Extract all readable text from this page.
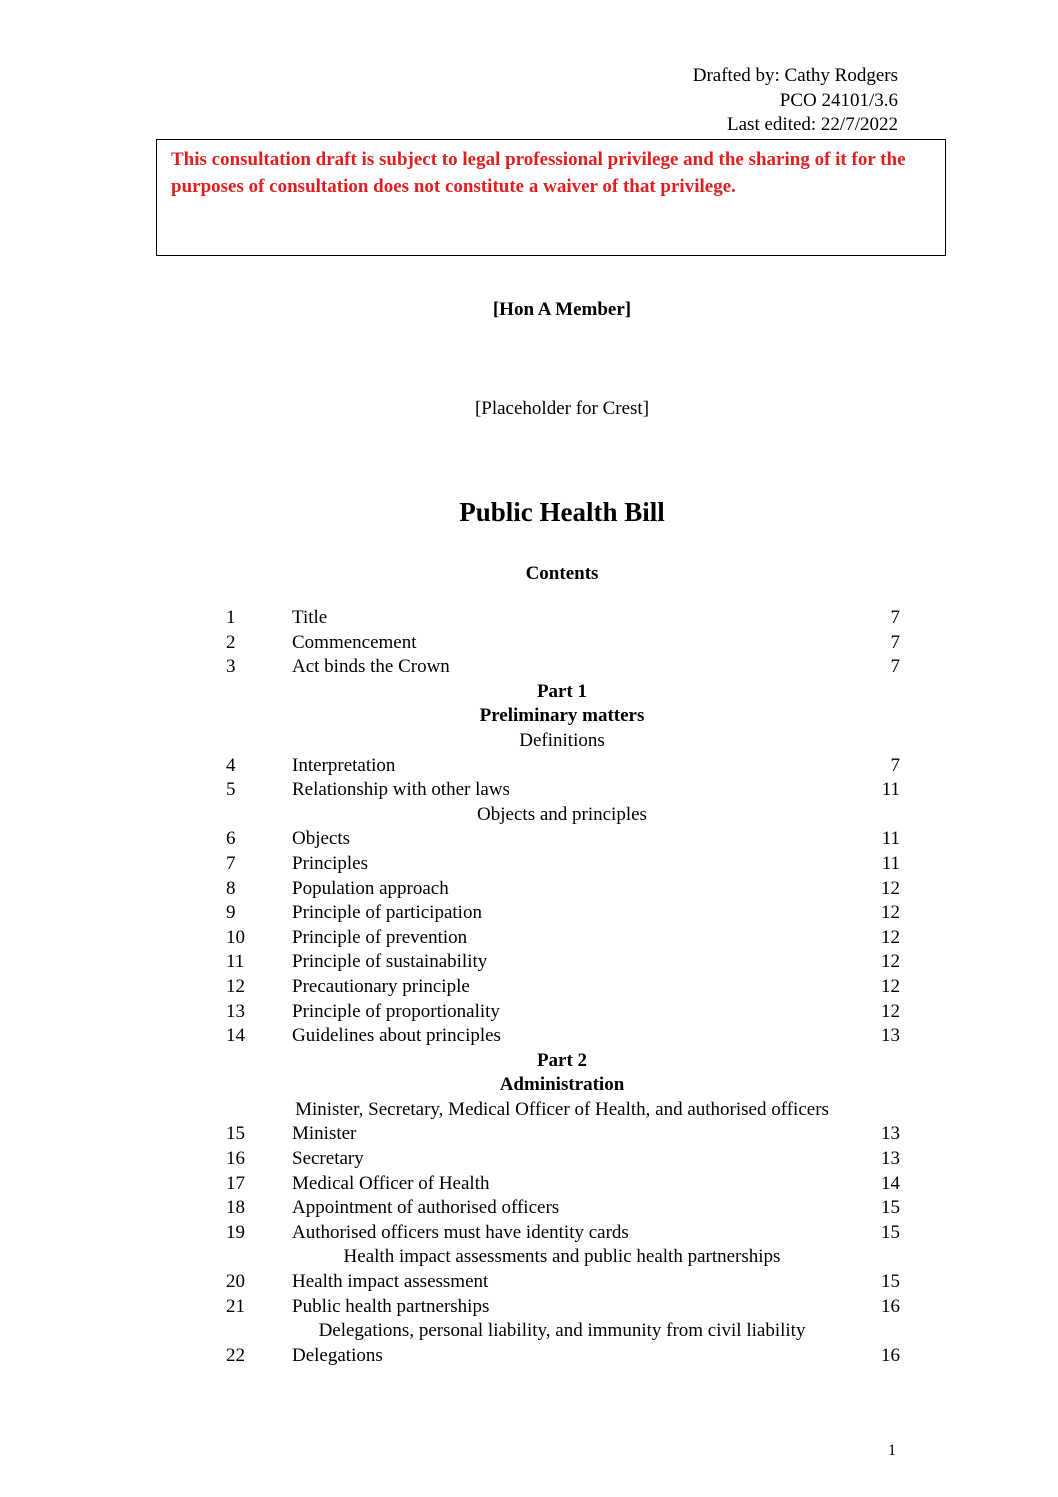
Drafted by: Cathy Rodgers
PCO 24101/3.6
Last edited: 22/7/2022
This consultation draft is subject to legal professional privilege and the sharing of it for the purposes of consultation does not constitute a waiver of that privilege.
[Hon A Member]
[Placeholder for Crest]
Public Health Bill
Contents
1	Title	7
2	Commencement	7
3	Act binds the Crown	7
Part 1
Preliminary matters
Definitions
4	Interpretation	7
5	Relationship with other laws	11
Objects and principles
6	Objects	11
7	Principles	11
8	Population approach	12
9	Principle of participation	12
10	Principle of prevention	12
11	Principle of sustainability	12
12	Precautionary principle	12
13	Principle of proportionality	12
14	Guidelines about principles	13
Part 2
Administration
Minister, Secretary, Medical Officer of Health, and authorised officers
15	Minister	13
16	Secretary	13
17	Medical Officer of Health	14
18	Appointment of authorised officers	15
19	Authorised officers must have identity cards	15
Health impact assessments and public health partnerships
20	Health impact assessment	15
21	Public health partnerships	16
Delegations, personal liability, and immunity from civil liability
22	Delegations	16
1
